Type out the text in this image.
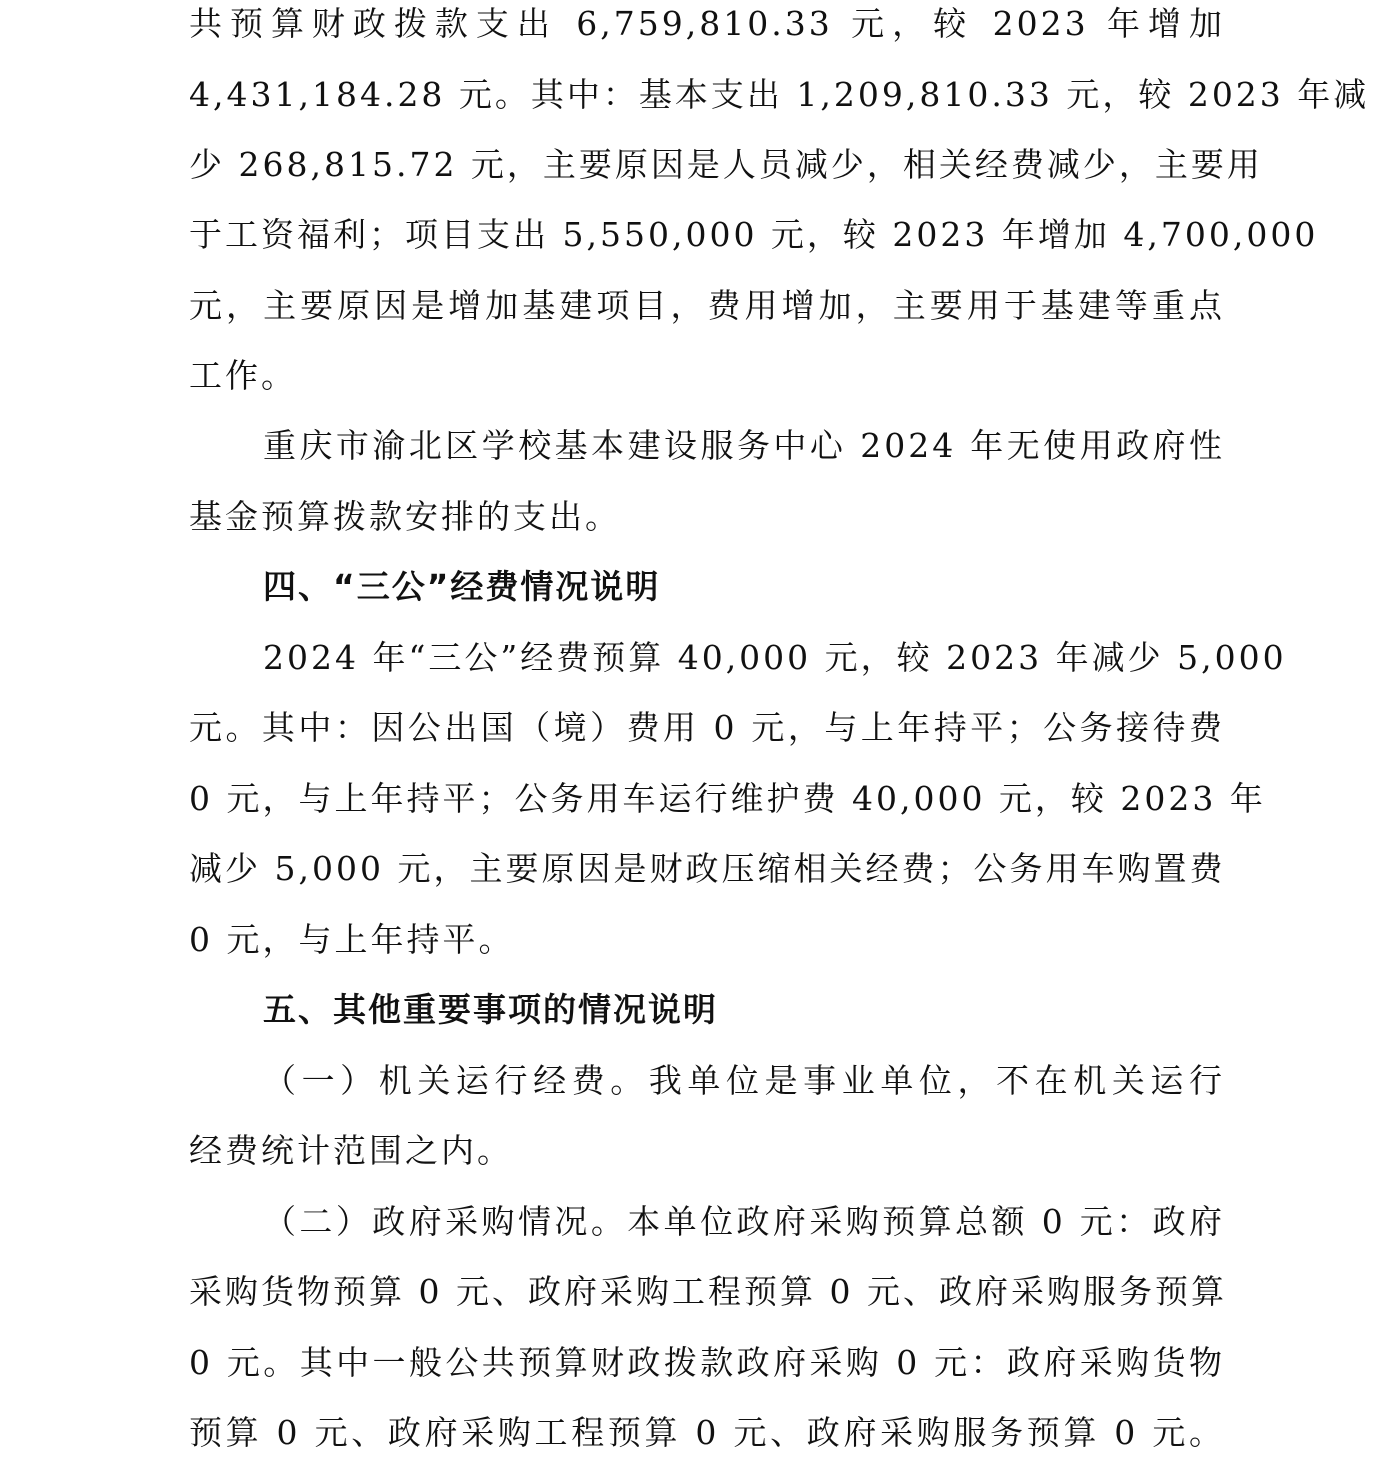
共预算财政拨款支出 6,759,810.33 元，较 2023 年增加
4,431,184.28 元。其中：基本支出 1,209,810.33 元，较 2023 年减
少 268,815.72 元，主要原因是人员减少，相关经费减少，主要用
于工资福利；项目支出 5,550,000 元，较 2023 年增加 4,700,000
元，主要原因是增加基建项目，费用增加，主要用于基建等重点
工作。
重庆市渝北区学校基本建设服务中心 2024 年无使用政府性
基金预算拨款安排的支出。
四、“三公”经费情况说明
2024 年“三公”经费预算 40,000 元，较 2023 年减少 5,000
元。其中：因公出国（境）费用 0 元，与上年持平；公务接待费
0 元，与上年持平；公务用车运行维护费 40,000 元，较 2023 年
减少 5,000 元，主要原因是财政压缩相关经费；公务用车购置费
0 元，与上年持平。
五、其他重要事项的情况说明
（一）机关运行经费。我单位是事业单位，不在机关运行
经费统计范围之内。
（二）政府采购情况。本单位政府采购预算总额 0 元：政府
采购货物预算 0 元、政府采购工程预算 0 元、政府采购服务预算
0 元。其中一般公共预算财政拨款政府采购 0 元：政府采购货物
预算 0 元、政府采购工程预算 0 元、政府采购服务预算 0 元。
